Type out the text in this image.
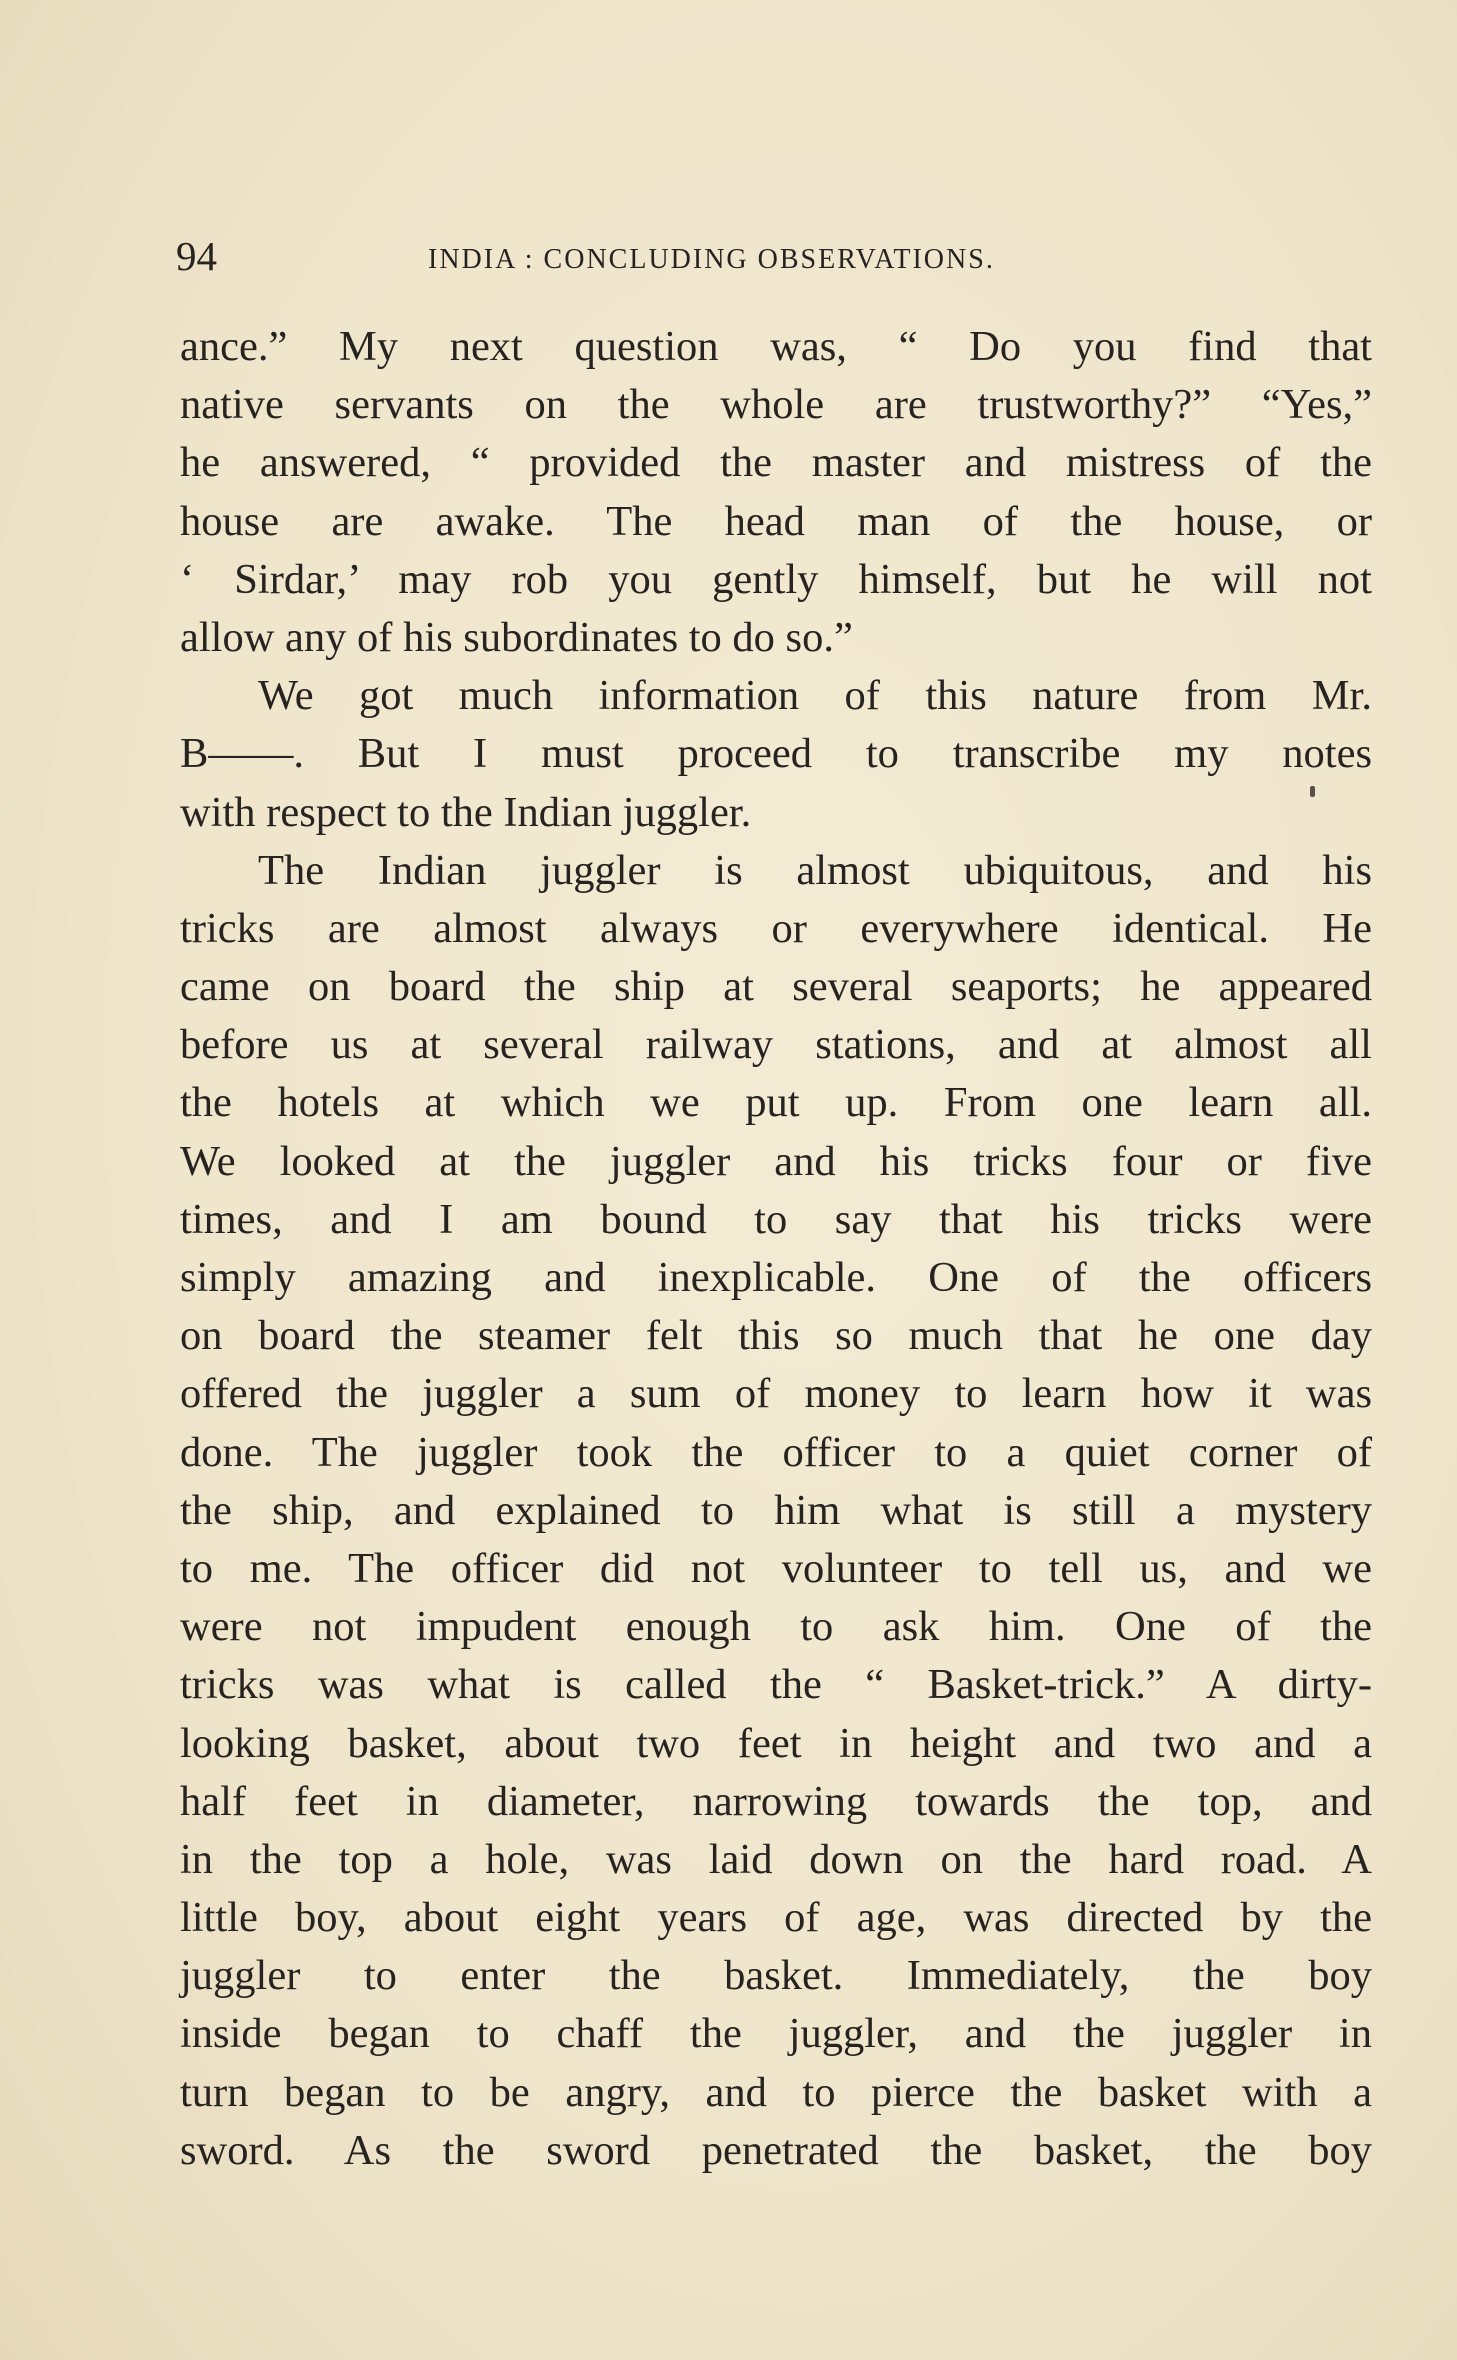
94	INDIA : CONCLUDING OBSERVATIONS.

ance.” My next question was, “ Do you find that
native servants on the whole are trustworthy?” “Yes,”
he answered, “ provided the master and mistress of the
house are awake. The head man of the house, or
‘ Sirdar,’ may rob you gently himself, but he will not
allow any of his subordinates to do so.”

We got much information of this nature from Mr.
B——. But I must proceed to transcribe my notes
with respect to the Indian juggler.

The Indian juggler is almost ubiquitous, and his
tricks are almost always or everywhere identical. He
came on board the ship at several seaports; he appeared
before us at several railway stations, and at almost all
the hotels at which we put up. From one learn all.
We looked at the juggler and his tricks four or five
times, and I am bound to say that his tricks were
simply amazing and inexplicable. One of the officers
on board the steamer felt this so much that he one day
offered the juggler a sum of money to learn how it was
done. The juggler took the officer to a quiet corner of
the ship, and explained to him what is still a mystery
to me. The officer did not volunteer to tell us, and we
were not impudent enough to ask him. One of the
tricks was what is called the “ Basket-trick.” A dirty-
looking basket, about two feet in height and two and a
half feet in diameter, narrowing towards the top, and
in the top a hole, was laid down on the hard road. A
little boy, about eight years of age, was directed by the
juggler to enter the basket. Immediately, the boy
inside began to chaff the juggler, and the juggler in
turn began to be angry, and to pierce the basket with a
sword. As the sword penetrated the basket, the boy
